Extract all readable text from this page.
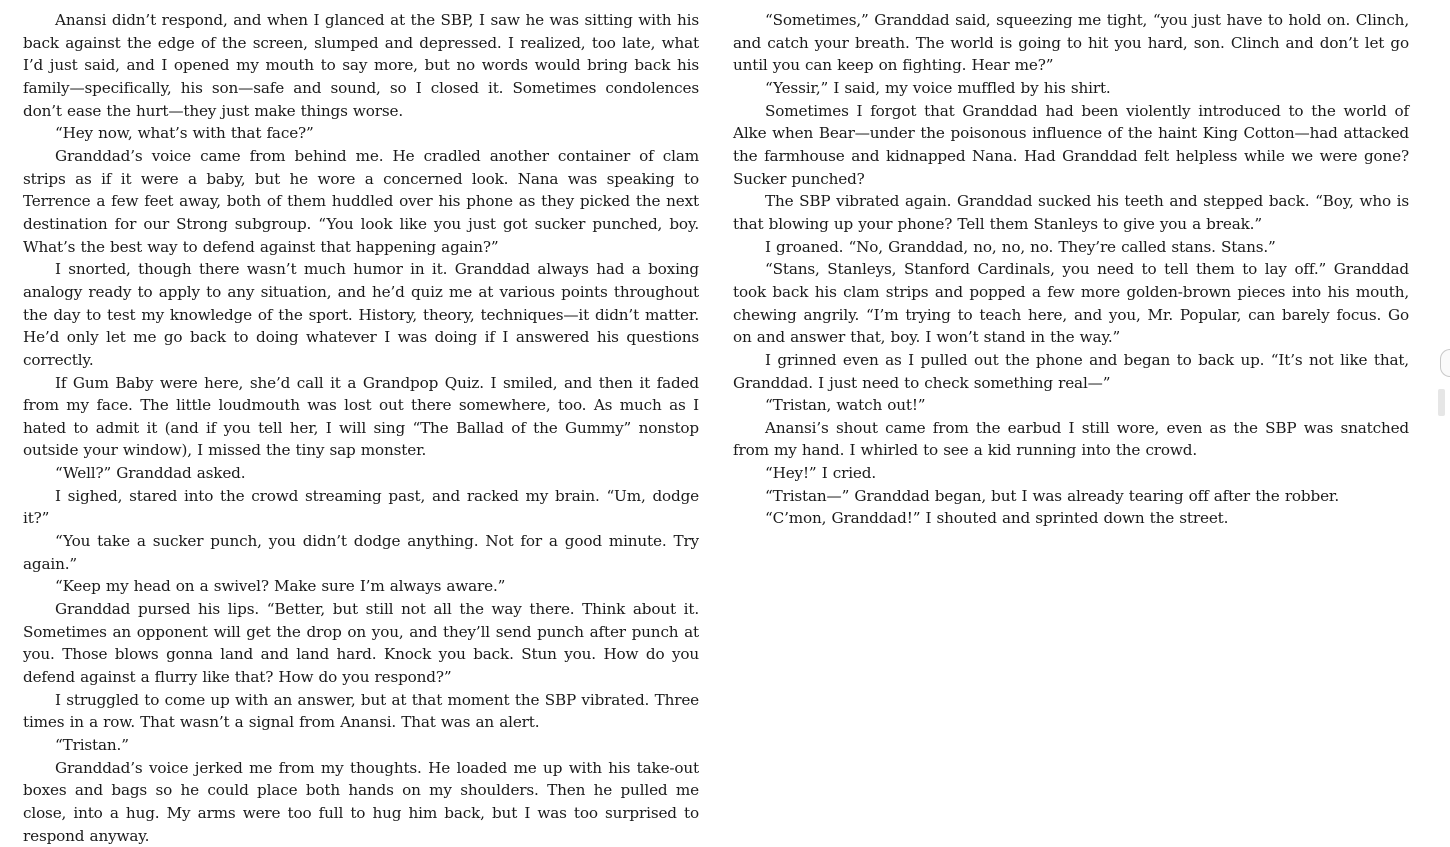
Anansi didn’t respond, and when I glanced at the SBP, I saw he was sitting with his back against the edge of the screen, slumped and depressed. I realized, too late, what I’d just said, and I opened my mouth to say more, but no words would bring back his family—specifically, his son—safe and sound, so I closed it. Sometimes condolences don’t ease the hurt—they just make things worse.

“Hey now, what’s with that face?”

Granddad’s voice came from behind me. He cradled another container of clam strips as if it were a baby, but he wore a concerned look. Nana was speaking to Terrence a few feet away, both of them huddled over his phone as they picked the next destination for our Strong subgroup. “You look like you just got sucker punched, boy. What’s the best way to defend against that happening again?”

I snorted, though there wasn’t much humor in it. Granddad always had a boxing analogy ready to apply to any situation, and he’d quiz me at various points throughout the day to test my knowledge of the sport. History, theory, techniques—it didn’t matter. He’d only let me go back to doing whatever I was doing if I answered his questions correctly.

If Gum Baby were here, she’d call it a Grandpop Quiz. I smiled, and then it faded from my face. The little loudmouth was lost out there somewhere, too. As much as I hated to admit it (and if you tell her, I will sing “The Ballad of the Gummy” nonstop outside your window), I missed the tiny sap monster.

“Well?” Granddad asked.

I sighed, stared into the crowd streaming past, and racked my brain. “Um, dodge it?”

“You take a sucker punch, you didn’t dodge anything. Not for a good minute. Try again.”

“Keep my head on a swivel? Make sure I’m always aware.”

Granddad pursed his lips. “Better, but still not all the way there. Think about it. Sometimes an opponent will get the drop on you, and they’ll send punch after punch at you. Those blows gonna land and land hard. Knock you back. Stun you. How do you defend against a flurry like that? How do you respond?”

I struggled to come up with an answer, but at that moment the SBP vibrated. Three times in a row. That wasn’t a signal from Anansi. That was an alert.

“Tristan.”

Granddad’s voice jerked me from my thoughts. He loaded me up with his take-out boxes and bags so he could place both hands on my shoulders. Then he pulled me close, into a hug. My arms were too full to hug him back, but I was too surprised to respond anyway.

“Sometimes,” Granddad said, squeezing me tight, “you just have to hold on. Clinch, and catch your breath. The world is going to hit you hard, son. Clinch and don’t let go until you can keep on fighting. Hear me?”

“Yessir,” I said, my voice muffled by his shirt.

Sometimes I forgot that Granddad had been violently introduced to the world of Alke when Bear—under the poisonous influence of the haint King Cotton—had attacked the farmhouse and kidnapped Nana. Had Granddad felt helpless while we were gone? Sucker punched?

The SBP vibrated again. Granddad sucked his teeth and stepped back. “Boy, who is that blowing up your phone? Tell them Stanleys to give you a break.”

I groaned. “No, Granddad, no, no, no. They’re called stans. Stans.”

“Stans, Stanleys, Stanford Cardinals, you need to tell them to lay off.” Granddad took back his clam strips and popped a few more golden-brown pieces into his mouth, chewing angrily. “I’m trying to teach here, and you, Mr. Popular, can barely focus. Go on and answer that, boy. I won’t stand in the way.”

I grinned even as I pulled out the phone and began to back up. “It’s not like that, Granddad. I just need to check something real—”

“Tristan, watch out!”

Anansi’s shout came from the earbud I still wore, even as the SBP was snatched from my hand. I whirled to see a kid running into the crowd.

“Hey!” I cried.

“Tristan—” Granddad began, but I was already tearing off after the robber.

“C’mon, Granddad!” I shouted and sprinted down the street.
